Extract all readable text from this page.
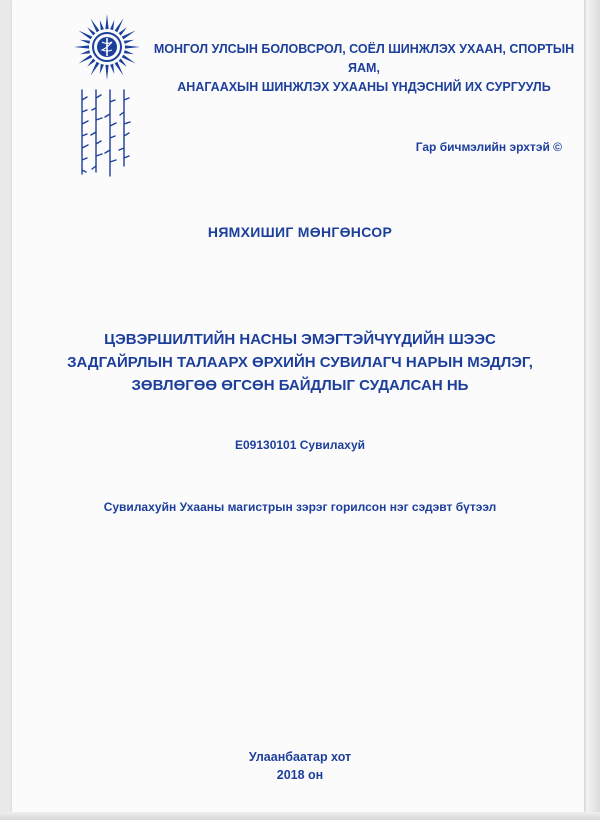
МОНГОЛ УЛСЫН БОЛОВСРОЛ, СОЁЛ ШИНЖЛЭХ УХААН, СПОРТЫН ЯАМ,
АНАГААХЫН ШИНЖЛЭХ УХААНЫ ҮНДЭСНИЙ ИХ СУРГУУЛЬ
Гар бичмэлийн эрхтэй ©
НЯМХИШИГ МӨНГӨНСОР
ЦЭВЭРШИЛТИЙН НАСНЫ ЭМЭГТЭЙЧҮҮДИЙН ШЭЭС
ЗАДГАЙРЛЫН ТАЛААРХ ӨРХИЙН СУВИЛАГЧ НАРЫН МЭДЛЭГ,
ЗӨВЛӨГӨӨ ӨГСӨН БАЙДЛЫГ СУДАЛСАН НЬ
E09130101 Сувилахуй
Сувилахуйн Ухааны магистрын зэрэг горилсон нэг сэдэвт бүтээл
Улаанбаатар хот
2018 он
